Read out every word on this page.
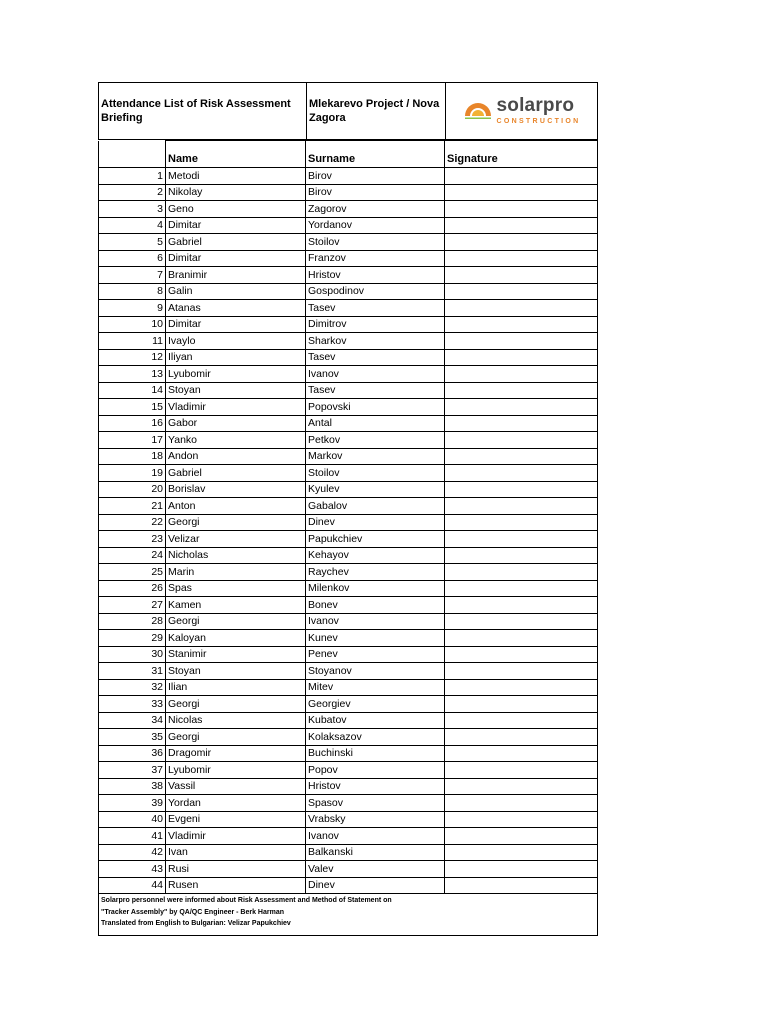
Attendance List of Risk Assessment Briefing
Mlekarevo Project / Nova Zagora
solarpro
CONSTRUCTION
	Name	Surname	Signature
1	Metodi	Birov	
2	Nikolay	Birov	
3	Geno	Zagorov	
4	Dimitar	Yordanov	
5	Gabriel	Stoilov	
6	Dimitar	Franzov	
7	Branimir	Hristov	
8	Galin	Gospodinov	
9	Atanas	Tasev	
10	Dimitar	Dimitrov	
11	Ivaylo	Sharkov	
12	Iliyan	Tasev	
13	Lyubomir	Ivanov	
14	Stoyan	Tasev	
15	Vladimir	Popovski	
16	Gabor	Antal	
17	Yanko	Petkov	
18	Andon	Markov	
19	Gabriel	Stoilov	
20	Borislav	Kyulev	
21	Anton	Gabalov	
22	Georgi	Dinev	
23	Velizar	Papukchiev	
24	Nicholas	Kehayov	
25	Marin	Raychev	
26	Spas	Milenkov	
27	Kamen	Bonev	
28	Georgi	Ivanov	
29	Kaloyan	Kunev	
30	Stanimir	Penev	
31	Stoyan	Stoyanov	
32	Ilian	Mitev	
33	Georgi	Georgiev	
34	Nicolas	Kubatov	
35	Georgi	Kolaksazov	
36	Dragomir	Buchinski	
37	Lyubomir	Popov	
38	Vassil	Hristov	
39	Yordan	Spasov	
40	Evgeni	Vrabsky	
41	Vladimir	Ivanov	
42	Ivan	Balkanski	
43	Rusi	Valev	
44	Rusen	Dinev	
Solarpro personnel were informed about Risk Assessment and Method of Statement on
"Tracker Assembly" by QA/QC Engineer - Berk Harman
Translated from English to Bulgarian: Velizar Papukchiev
